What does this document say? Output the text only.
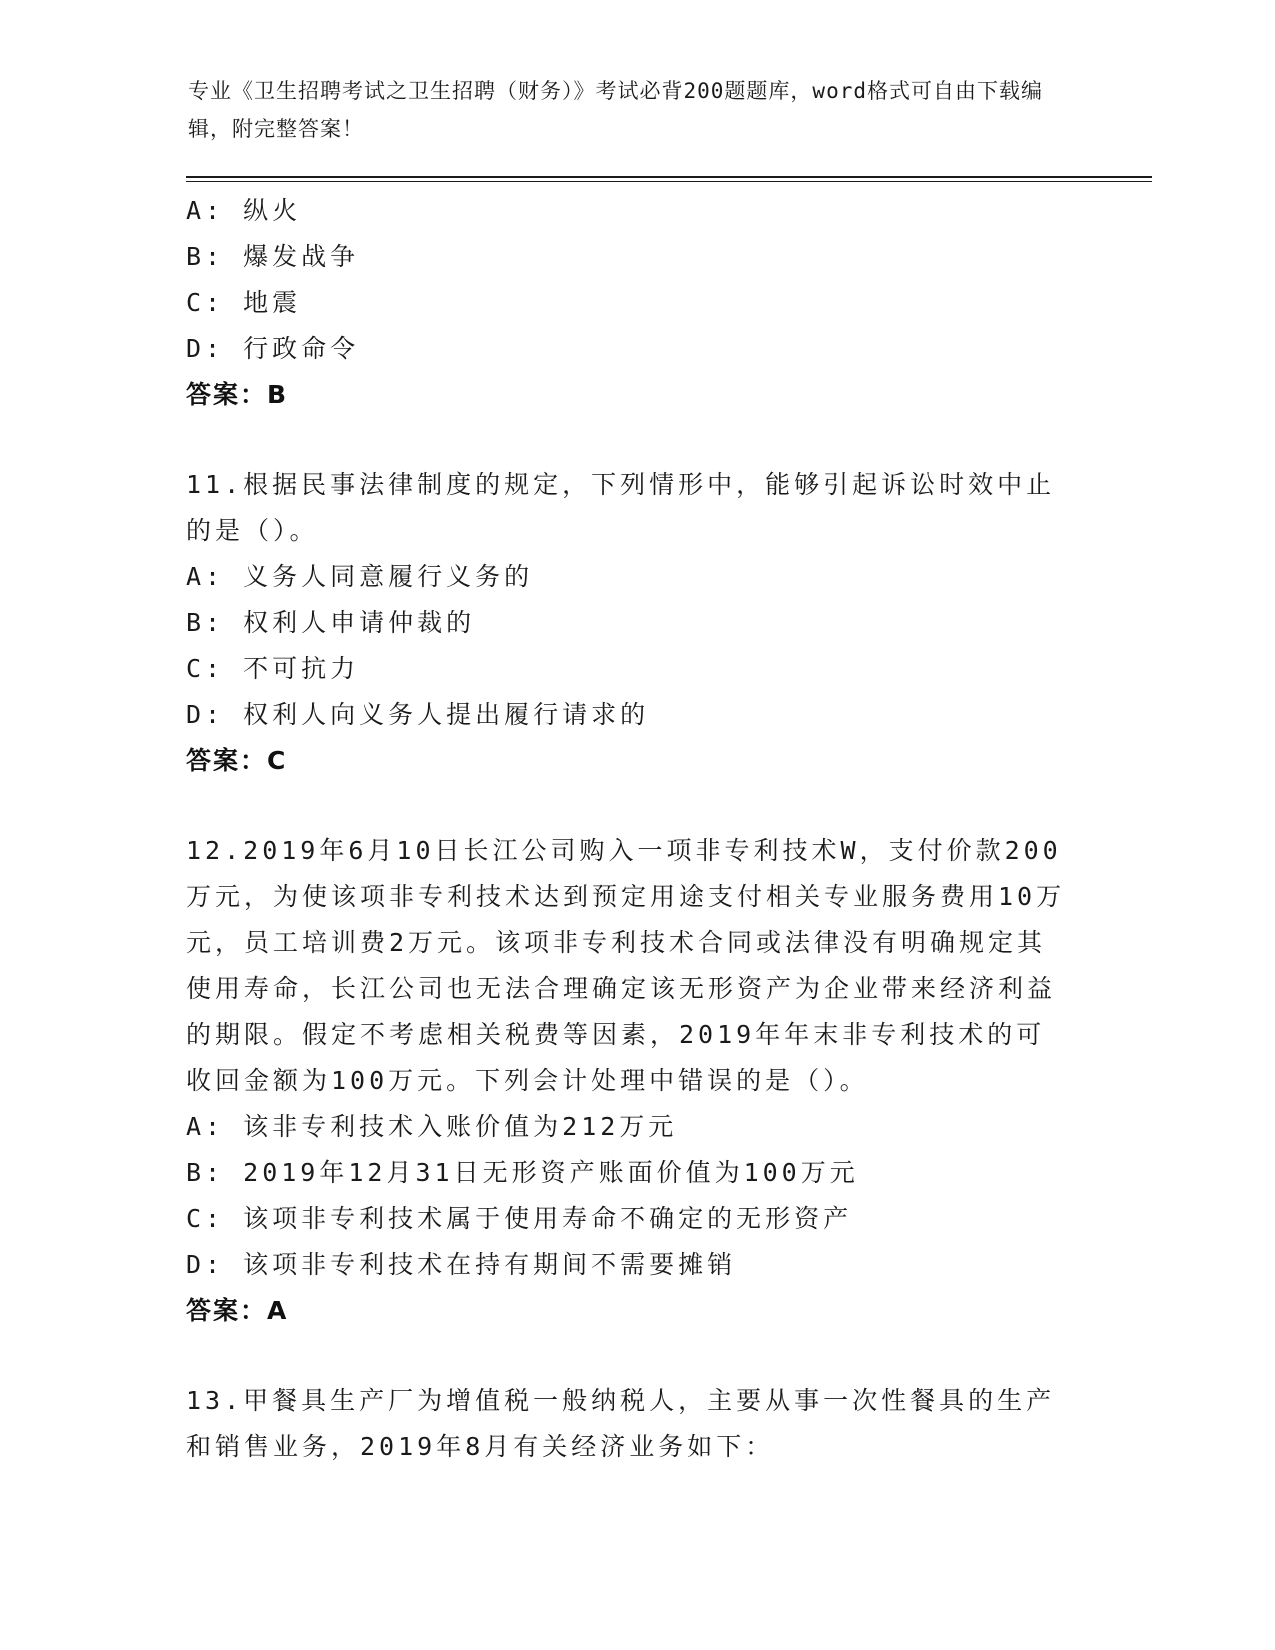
专业《卫生招聘考试之卫生招聘（财务）》考试必背200题题库，word格式可自由下载编辑，附完整答案！
A: 纵火
B: 爆发战争
C: 地震
D: 行政命令
答案：B
11.根据民事法律制度的规定，下列情形中，能够引起诉讼时效中止的是（）。
A: 义务人同意履行义务的
B: 权利人申请仲裁的
C: 不可抗力
D: 权利人向义务人提出履行请求的
答案：C
12.2019年6月10日长江公司购入一项非专利技术W，支付价款200万元，为使该项非专利技术达到预定用途支付相关专业服务费用10万元，员工培训费2万元。该项非专利技术合同或法律没有明确规定其使用寿命，长江公司也无法合理确定该无形资产为企业带来经济利益的期限。假定不考虑相关税费等因素，2019年年末非专利技术的可收回金额为100万元。下列会计处理中错误的是（）。
A: 该非专利技术入账价值为212万元
B: 2019年12月31日无形资产账面价值为100万元
C: 该项非专利技术属于使用寿命不确定的无形资产
D: 该项非专利技术在持有期间不需要摊销
答案：A
13.甲餐具生产厂为增值税一般纳税人，主要从事一次性餐具的生产和销售业务，2019年8月有关经济业务如下：
